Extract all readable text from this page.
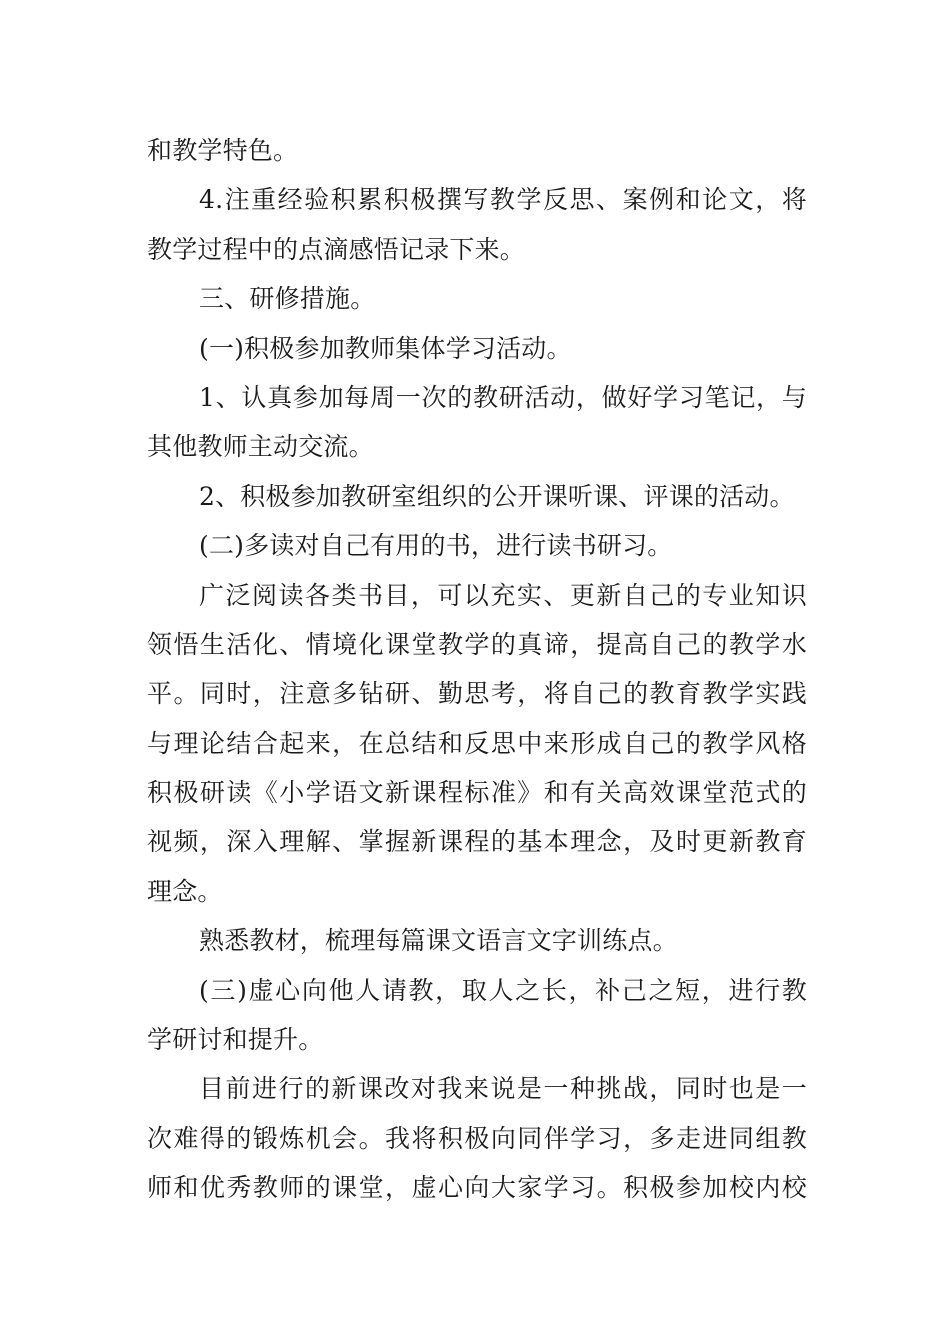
和教学特色。
4.注重经验积累积极撰写教学反思、案例和论文，将
教学过程中的点滴感悟记录下来。
三、研修措施。
(一)积极参加教师集体学习活动。
1、认真参加每周一次的教研活动，做好学习笔记，与
其他教师主动交流。
2、积极参加教研室组织的公开课听课、评课的活动。
(二)多读对自己有用的书，进行读书研习。
广泛阅读各类书目，可以充实、更新自己的专业知识
领悟生活化、情境化课堂教学的真谛，提高自己的教学水
平。同时，注意多钻研、勤思考，将自己的教育教学实践
与理论结合起来，在总结和反思中来形成自己的教学风格
积极研读《小学语文新课程标准》和有关高效课堂范式的
视频，深入理解、掌握新课程的基本理念，及时更新教育
理念。
熟悉教材，梳理每篇课文语言文字训练点。
(三)虚心向他人请教，取人之长，补己之短，进行教
学研讨和提升。
目前进行的新课改对我来说是一种挑战，同时也是一
次难得的锻炼机会。我将积极向同伴学习，多走进同组教
师和优秀教师的课堂，虚心向大家学习。积极参加校内校
